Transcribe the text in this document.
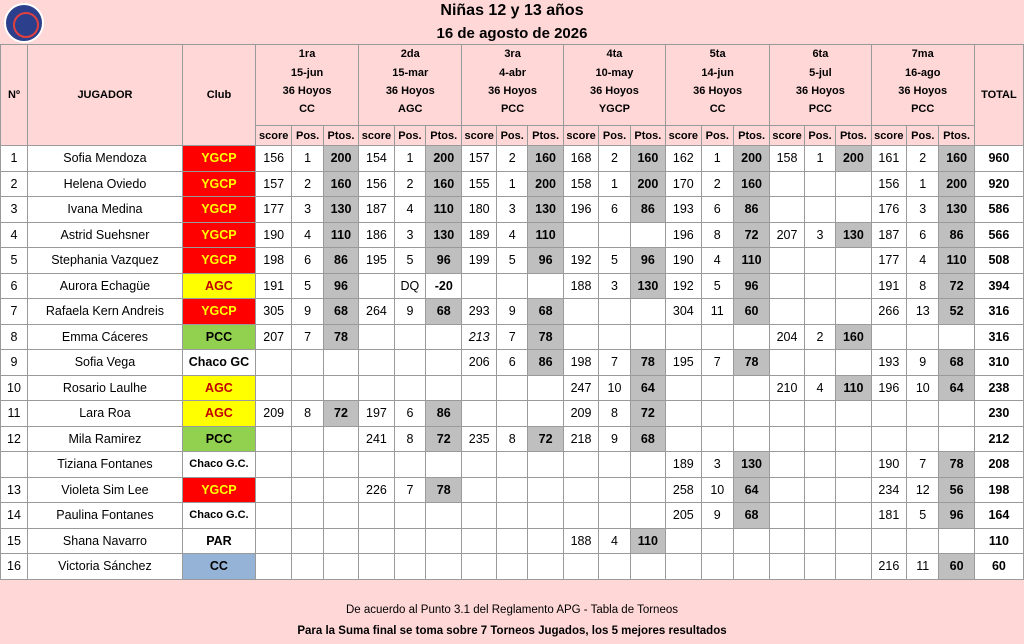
Niñas 12 y 13 años
16 de agosto de 2026
Nº	JUGADOR	Club	1ra			2da			3ra			4ta			5ta			6ta			7ma			TOTAL
			15-jun			15-mar			4-abr			10-may			14-jun			5-jul			16-ago			
			36 Hoyos			36 Hoyos			36 Hoyos			36 Hoyos			36 Hoyos			36 Hoyos			36 Hoyos			
			CC			AGC			PCC			YGCP			CC			PCC			PCC			

			score	Pos.	Ptos.	score	Pos.	Ptos.	score	Pos.	Ptos.	score	Pos.	Ptos.	score	Pos.	Ptos.	score	Pos.	Ptos.	score	Pos.	Ptos.	
1	Sofia Mendoza	YGCP	156	1	200	154	1	200	157	2	160	168	2	160	162	1	200	158	1	200	161	2	160	960
2	Helena Oviedo	YGCP	157	2	160	156	2	160	155	1	200	158	1	200	170	2	160				156	1	200	920
3	Ivana Medina	YGCP	177	3	130	187	4	110	180	3	130	196	6	86	193	6	86				176	3	130	586
4	Astrid Suehsner	YGCP	190	4	110	186	3	130	189	4	110				196	8	72	207	3	130	187	6	86	566
5	Stephania Vazquez	YGCP	198	6	86	195	5	96	199	5	96	192	5	96	190	4	110				177	4	110	508
6	Aurora Echagüe	AGC	191	5	96		DQ	-20				188	3	130	192	5	96				191	8	72	394
7	Rafaela Kern Andreis	YGCP	305	9	68	264	9	68	293	9	68				304	11	60				266	13	52	316
8	Emma Cáceres	PCC	207	7	78				213	7	78							204	2	160				316
9	Sofia Vega	Chaco GC							206	6	86	198	7	78	195	7	78				193	9	68	310
10	Rosario Laulhe	AGC										247	10	64				210	4	110	196	10	64	238
11	Lara Roa	AGC	209	8	72	197	6	86				209	8	72										230
12	Mila Ramirez	PCC				241	8	72	235	8	72	218	9	68										212
	Tiziana Fontanes	Chaco G.C.													189	3	130				190	7	78	208
13	Violeta Sim Lee	YGCP				226	7	78							258	10	64				234	12	56	198
14	Paulina Fontanes	Chaco G.C.													205	9	68				181	5	96	164
15	Shana Navarro	PAR										188	4	110										110
16	Victoria Sánchez	CC																			216	11	60	60

De acuerdo al Punto 3.1 del Reglamento APG - Tabla de Torneos
Para la Suma final se toma sobre 7 Torneos Jugados, los 5 mejores resultados
